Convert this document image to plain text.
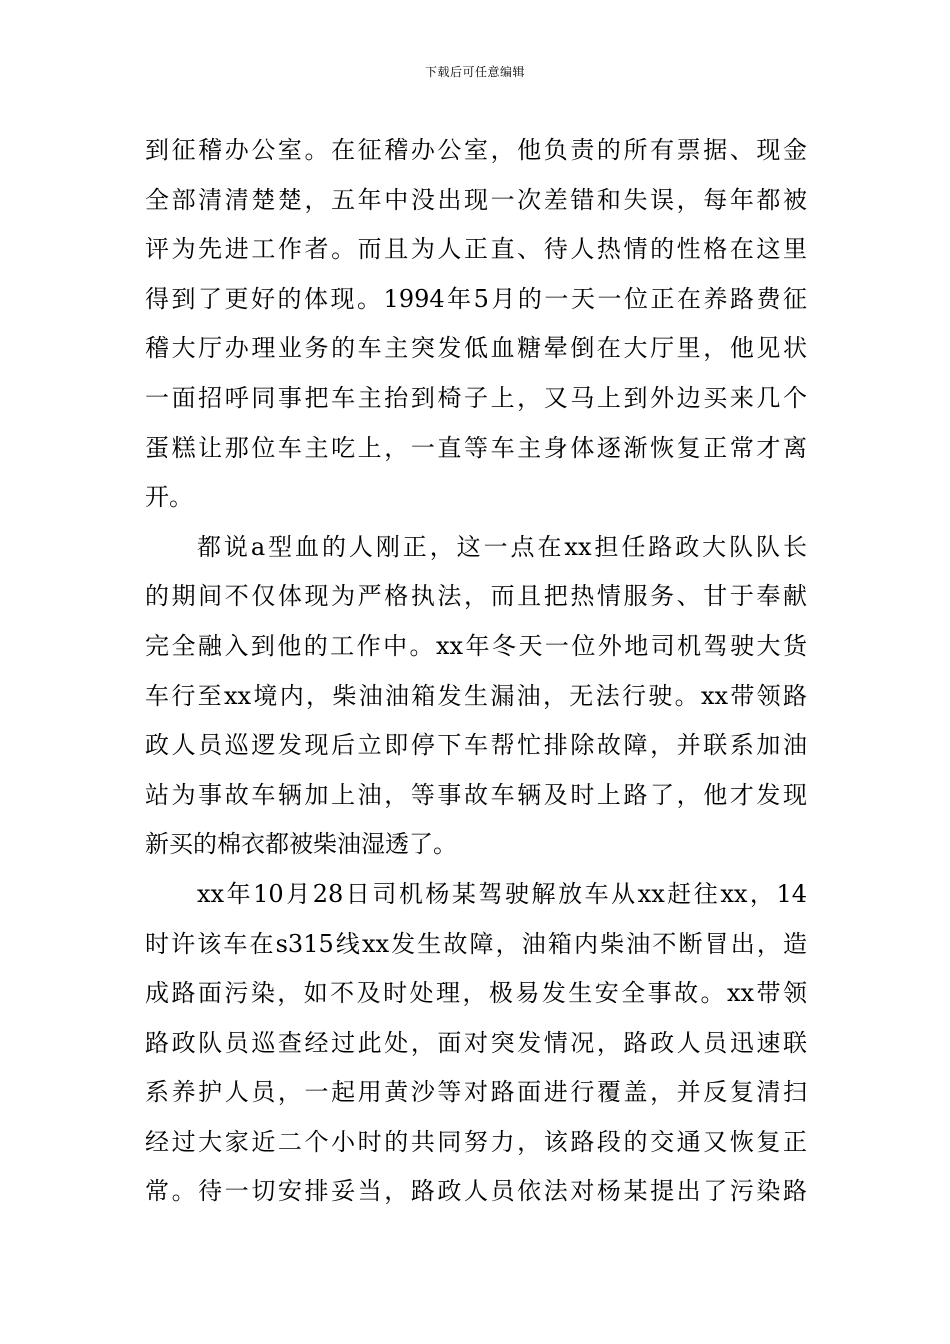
下载后可任意编辑
到征稽办公室。在征稽办公室，他负责的所有票据、现金
全部清清楚楚，五年中没出现一次差错和失误，每年都被
评为先进工作者。而且为人正直、待人热情的性格在这里
得到了更好的体现。1994年5月的一天一位正在养路费征
稽大厅办理业务的车主突发低血糖晕倒在大厅里，他见状
一面招呼同事把车主抬到椅子上，又马上到外边买来几个
蛋糕让那位车主吃上，一直等车主身体逐渐恢复正常才离
开。
都说a型血的人刚正，这一点在xx担任路政大队队长
的期间不仅体现为严格执法，而且把热情服务、甘于奉献
完全融入到他的工作中。xx年冬天一位外地司机驾驶大货
车行至xx境内，柴油油箱发生漏油，无法行驶。xx带领路
政人员巡逻发现后立即停下车帮忙排除故障，并联系加油
站为事故车辆加上油，等事故车辆及时上路了，他才发现
新买的棉衣都被柴油湿透了。
xx年10月28日司机杨某驾驶解放车从xx赶往xx，14
时许该车在s315线xx发生故障，油箱内柴油不断冒出，造
成路面污染，如不及时处理，极易发生安全事故。xx带领
路政队员巡查经过此处，面对突发情况，路政人员迅速联
系养护人员，一起用黄沙等对路面进行覆盖，并反复清扫
经过大家近二个小时的共同努力，该路段的交通又恢复正
常。待一切安排妥当，路政人员依法对杨某提出了污染路
